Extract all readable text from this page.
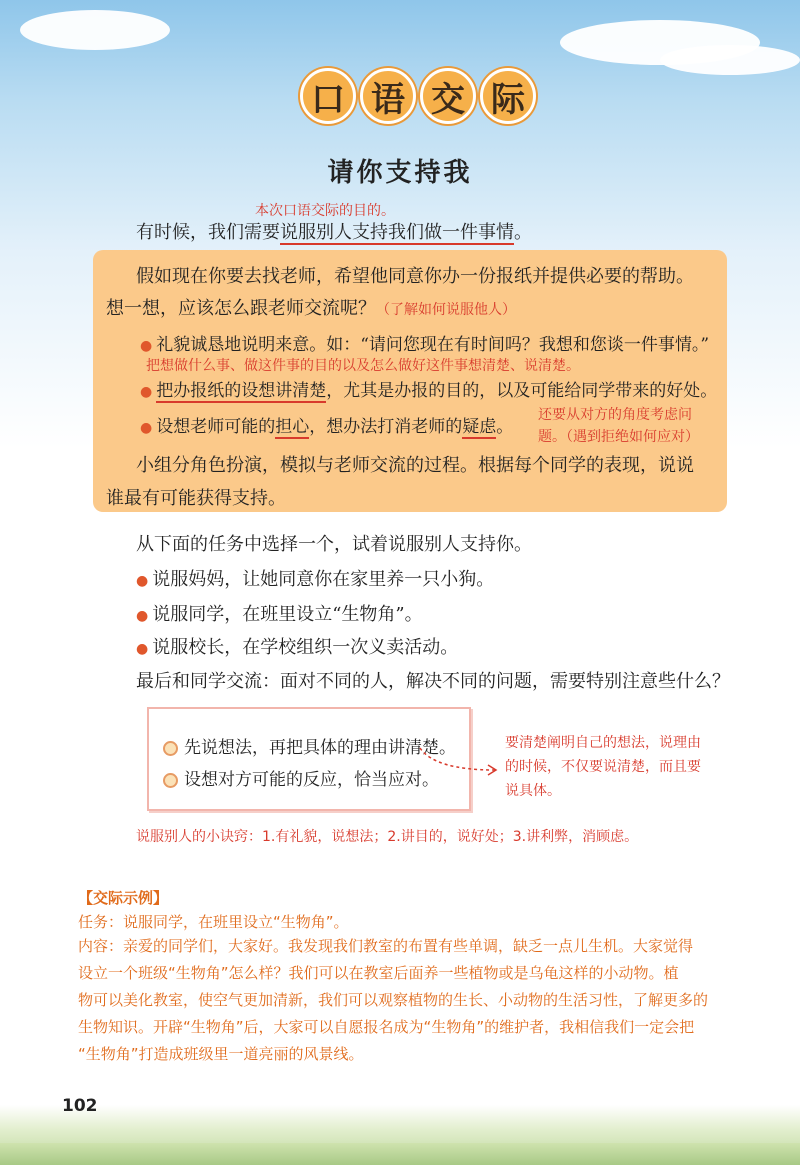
口 语 交 际
请你支持我
本次口语交际的目的。
有时候，我们需要说服别人支持我们做一件事情。
假如现在你要去找老师，希望他同意你办一份报纸并提供必要的帮助。
想一想，应该怎么跟老师交流呢？（了解如何说服他人）
● 礼貌诚恳地说明来意。如：“请问您现在有时间吗？我想和您谈一件事情。”
把想做什么事、做这件事的目的以及怎么做好这件事想清楚、说清楚。
● 把办报纸的设想讲清楚，尤其是办报的目的，以及可能给同学带来的好处。
● 设想老师可能的担心，想办法打消老师的疑虑。
还要从对方的角度考虑问
题。（遇到拒绝如何应对）
小组分角色扮演，模拟与老师交流的过程。根据每个同学的表现，说说
谁最有可能获得支持。
从下面的任务中选择一个，试着说服别人支持你。
● 说服妈妈，让她同意你在家里养一只小狗。
● 说服同学，在班里设立“生物角”。
● 说服校长，在学校组织一次义卖活动。
最后和同学交流：面对不同的人，解决不同的问题，需要特别注意些什么？
先说想法，再把具体的理由讲清楚。
设想对方可能的反应，恰当应对。
要清楚阐明自己的想法，说理由
的时候，不仅要说清楚，而且要
说具体。
说服别人的小诀窍：1.有礼貌，说想法；2.讲目的，说好处；3.讲利弊，消顾虑。
【交际示例】
任务：说服同学，在班里设立“生物角”。
内容：亲爱的同学们，大家好。我发现我们教室的布置有些单调，缺乏一点儿生机。大家觉得
设立一个班级“生物角”怎么样？我们可以在教室后面养一些植物或是乌龟这样的小动物。植
物可以美化教室，使空气更加清新，我们可以观察植物的生长、小动物的生活习性，了解更多的
生物知识。开辟“生物角”后，大家可以自愿报名成为“生物角”的维护者，我相信我们一定会把
“生物角”打造成班级里一道亮丽的风景线。
102
